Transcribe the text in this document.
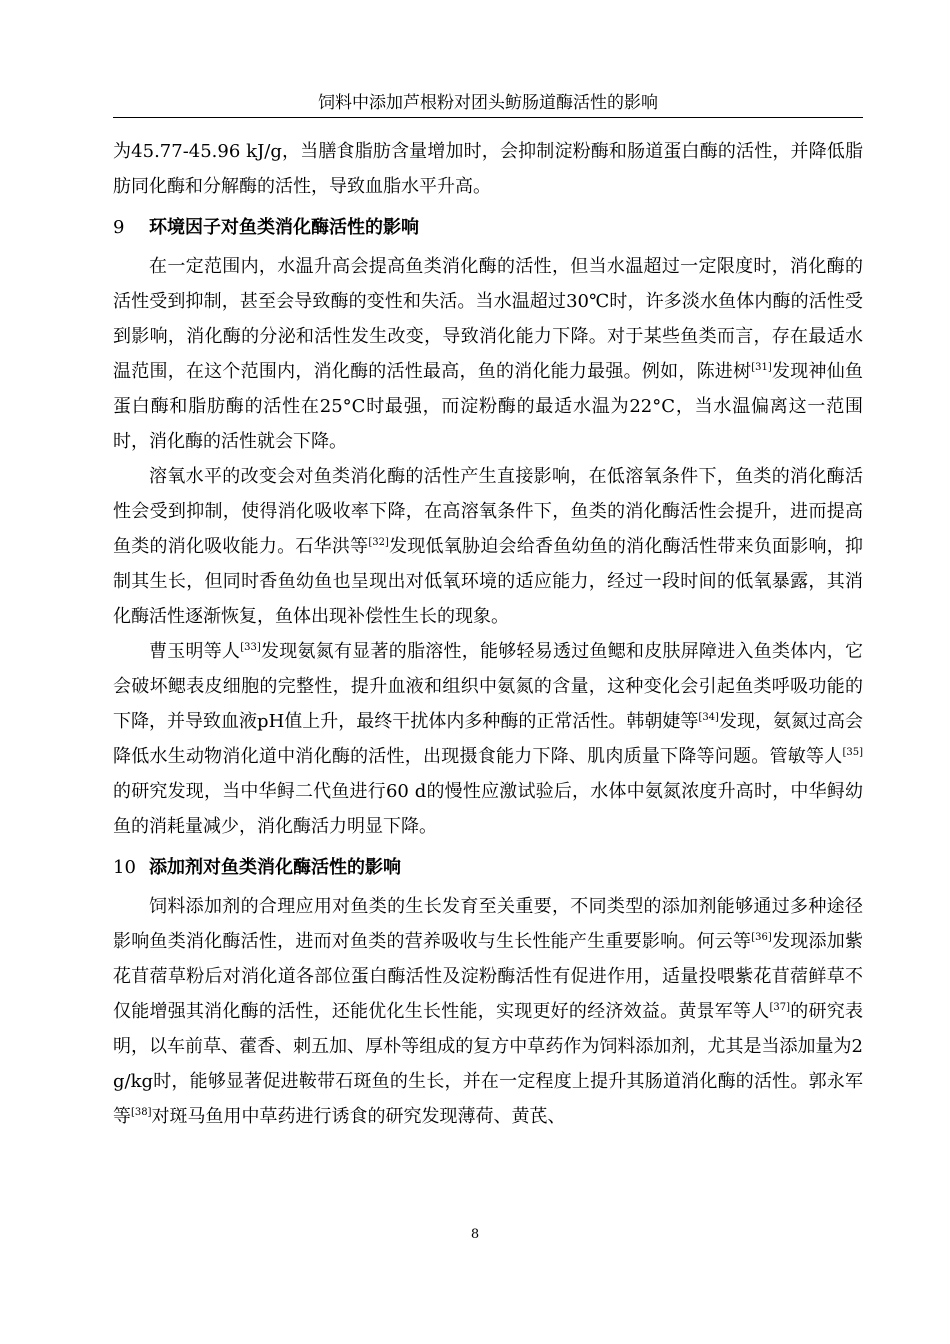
饲料中添加芦根粉对团头鲂肠道酶活性的影响

为45.77-45.96 kJ/g，当膳食脂肪含量增加时，会抑制淀粉酶和肠道蛋白酶的活性，并降低脂肪同化酶和分解酶的活性，导致血脂水平升高。

9 环境因子对鱼类消化酶活性的影响

在一定范围内，水温升高会提高鱼类消化酶的活性，但当水温超过一定限度时，消化酶的活性受到抑制，甚至会导致酶的变性和失活。当水温超过30℃时，许多淡水鱼体内酶的活性受到影响，消化酶的分泌和活性发生改变，导致消化能力下降。对于某些鱼类而言，存在最适水温范围，在这个范围内，消化酶的活性最高，鱼的消化能力最强。例如，陈进树[31]发现神仙鱼蛋白酶和脂肪酶的活性在25°C时最强，而淀粉酶的最适水温为22°C，当水温偏离这一范围时，消化酶的活性就会下降。

溶氧水平的改变会对鱼类消化酶的活性产生直接影响，在低溶氧条件下，鱼类的消化酶活性会受到抑制，使得消化吸收率下降，在高溶氧条件下，鱼类的消化酶活性会提升，进而提高鱼类的消化吸收能力。石华洪等[32]发现低氧胁迫会给香鱼幼鱼的消化酶活性带来负面影响，抑制其生长，但同时香鱼幼鱼也呈现出对低氧环境的适应能力，经过一段时间的低氧暴露，其消化酶活性逐渐恢复，鱼体出现补偿性生长的现象。

曹玉明等人[33]发现氨氮有显著的脂溶性，能够轻易透过鱼鳃和皮肤屏障进入鱼类体内，它会破坏鳃表皮细胞的完整性，提升血液和组织中氨氮的含量，这种变化会引起鱼类呼吸功能的下降，并导致血液pH值上升，最终干扰体内多种酶的正常活性。韩朝婕等[34]发现，氨氮过高会降低水生动物消化道中消化酶的活性，出现摄食能力下降、肌肉质量下降等问题。管敏等人[35]的研究发现，当中华鲟二代鱼进行60 d的慢性应激试验后，水体中氨氮浓度升高时，中华鲟幼鱼的消耗量减少，消化酶活力明显下降。

10 添加剂对鱼类消化酶活性的影响

饲料添加剂的合理应用对鱼类的生长发育至关重要，不同类型的添加剂能够通过多种途径影响鱼类消化酶活性，进而对鱼类的营养吸收与生长性能产生重要影响。何云等[36]发现添加紫花苜蓿草粉后对消化道各部位蛋白酶活性及淀粉酶活性有促进作用，适量投喂紫花苜蓿鲜草不仅能增强其消化酶的活性，还能优化生长性能，实现更好的经济效益。黄景军等人[37]的研究表明，以车前草、藿香、刺五加、厚朴等组成的复方中草药作为饲料添加剂，尤其是当添加量为2 g/kg时，能够显著促进鞍带石斑鱼的生长，并在一定程度上提升其肠道消化酶的活性。郭永军等[38]对斑马鱼用中草药进行诱食的研究发现薄荷、黄芪、

8
